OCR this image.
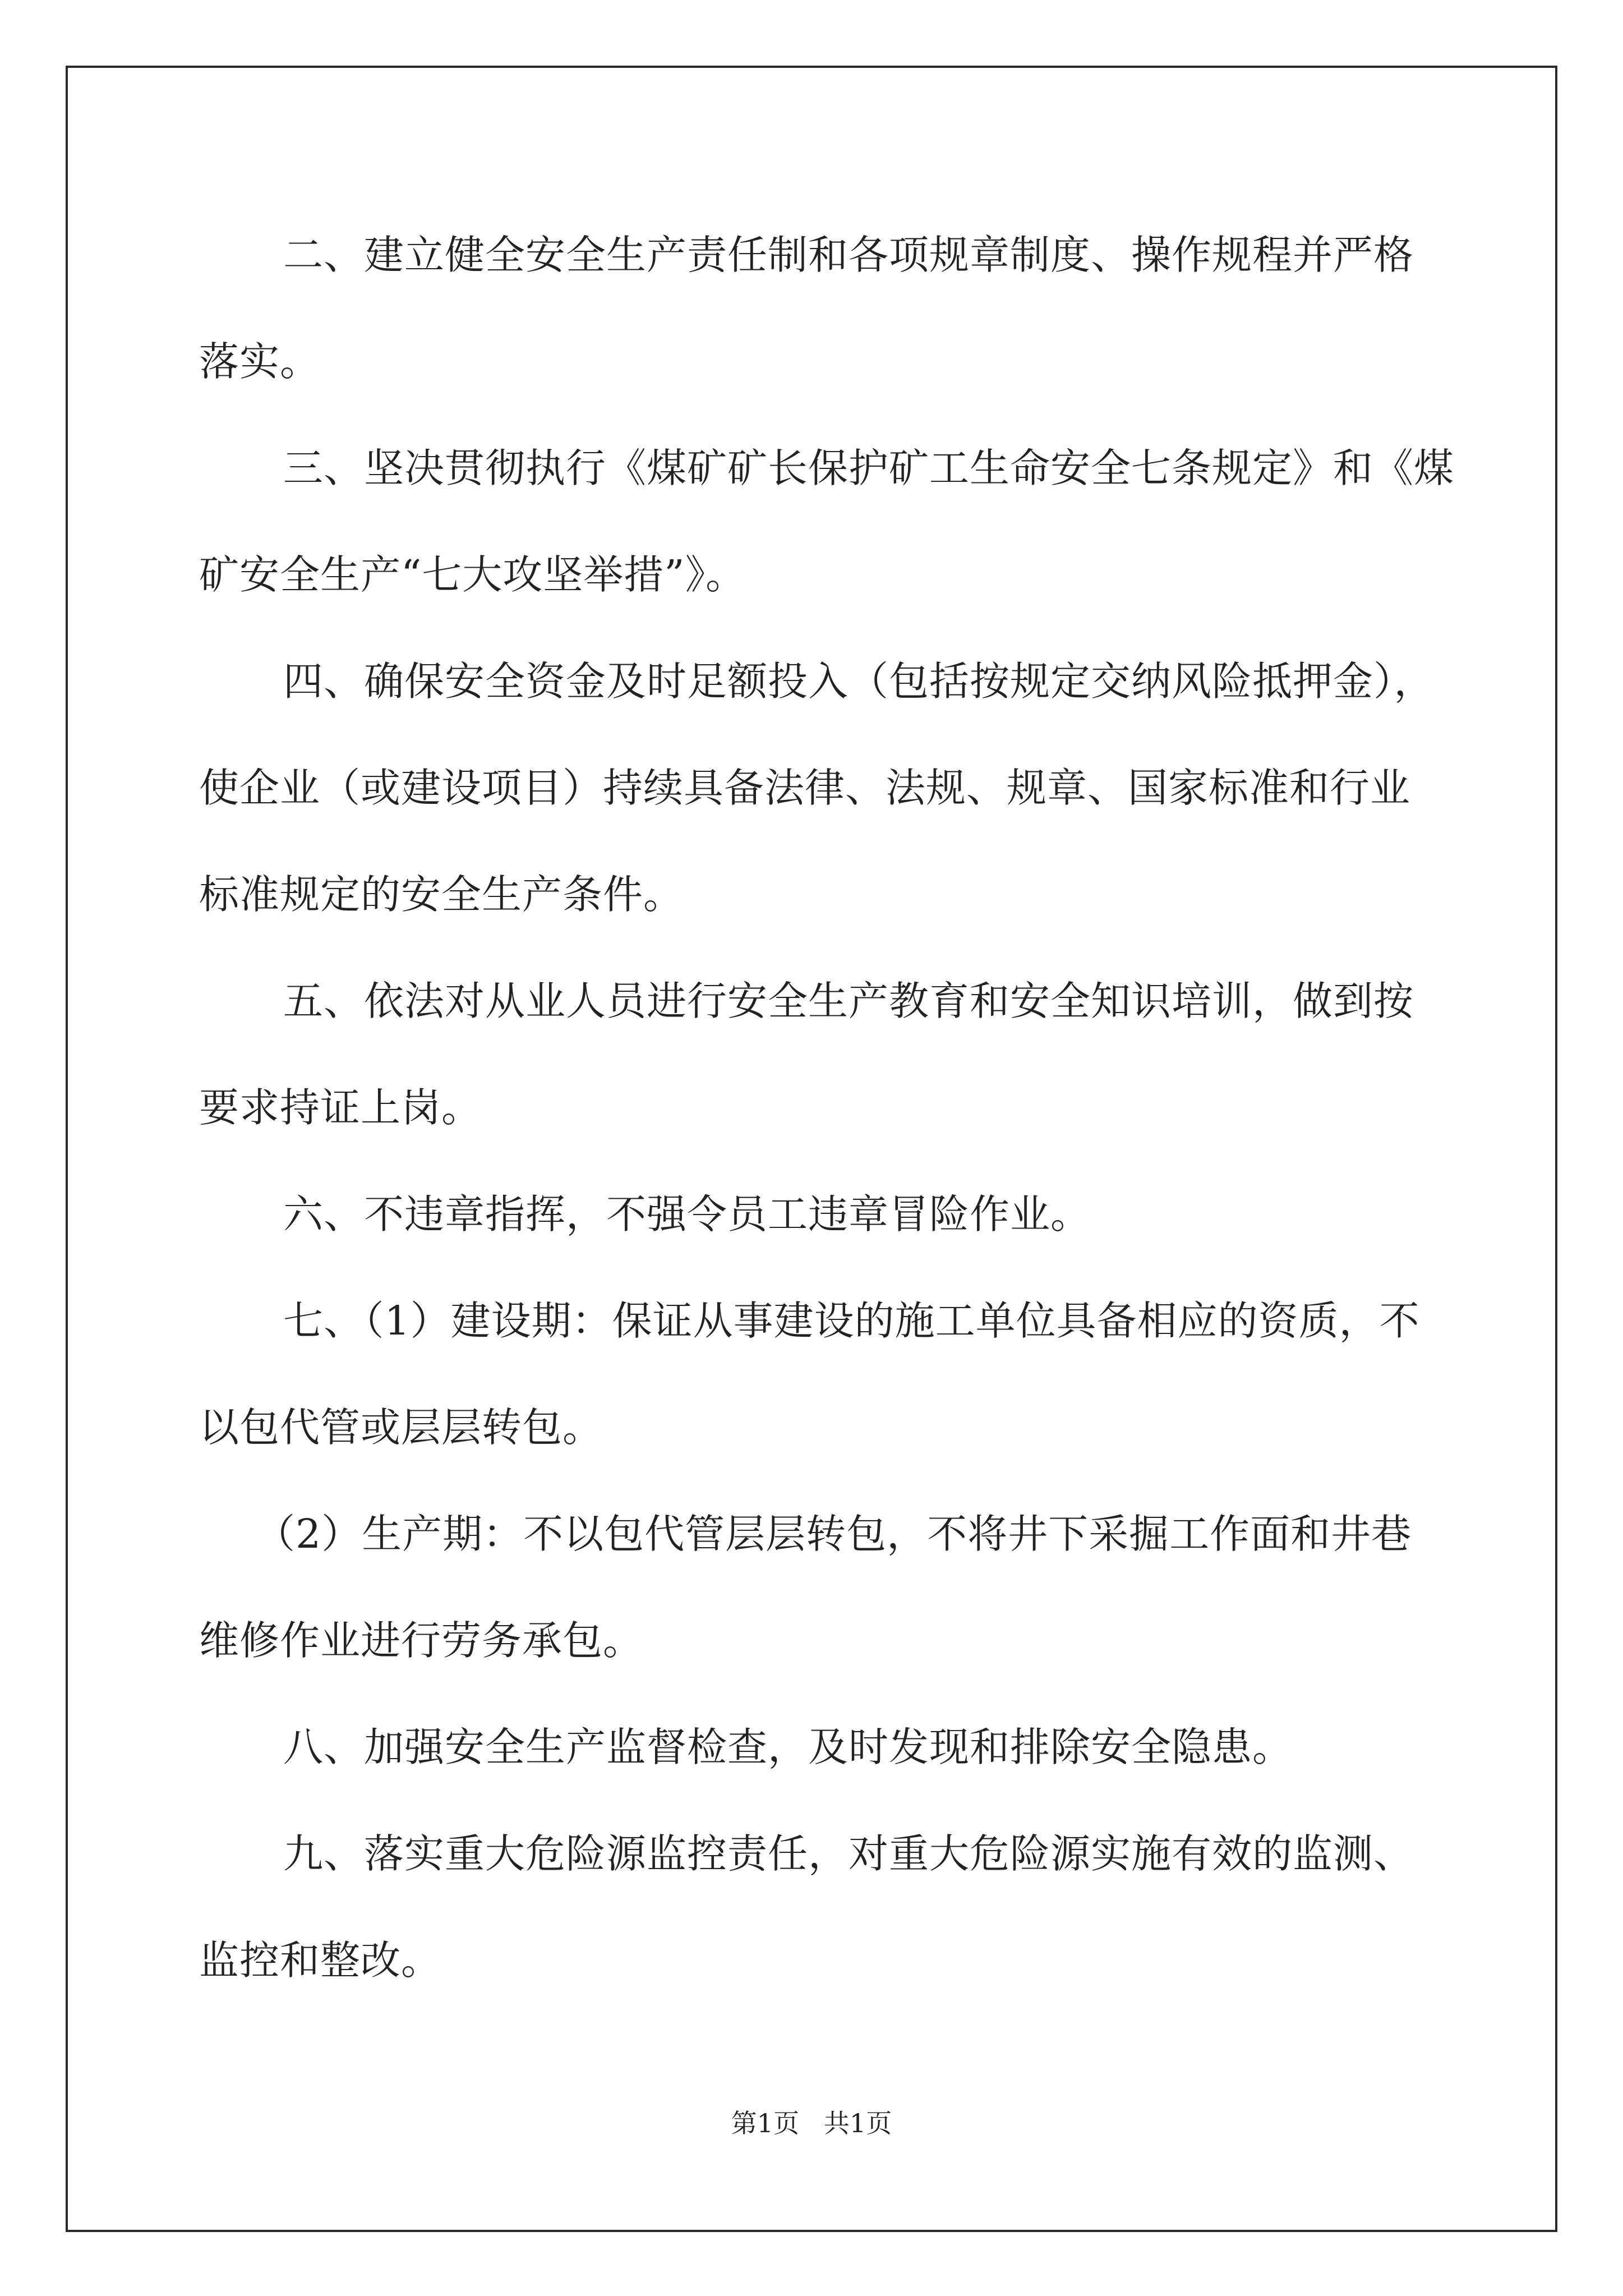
二、建立健全安全生产责任制和各项规章制度、操作规程并严格
落实。
三、坚决贯彻执行《煤矿矿长保护矿工生命安全七条规定》和《煤
矿安全生产“七大攻坚举措”》。
四、确保安全资金及时足额投入（包括按规定交纳风险抵押金），
使企业（或建设项目）持续具备法律、法规、规章、国家标准和行业
标准规定的安全生产条件。
五、依法对从业人员进行安全生产教育和安全知识培训，做到按
要求持证上岗。
六、不违章指挥，不强令员工违章冒险作业。
七、（1）建设期：保证从事建设的施工单位具备相应的资质，不
以包代管或层层转包。
（2）生产期：不以包代管层层转包，不将井下采掘工作面和井巷
维修作业进行劳务承包。
八、加强安全生产监督检查，及时发现和排除安全隐患。
九、落实重大危险源监控责任，对重大危险源实施有效的监测、
监控和整改。
第1页   共1页
